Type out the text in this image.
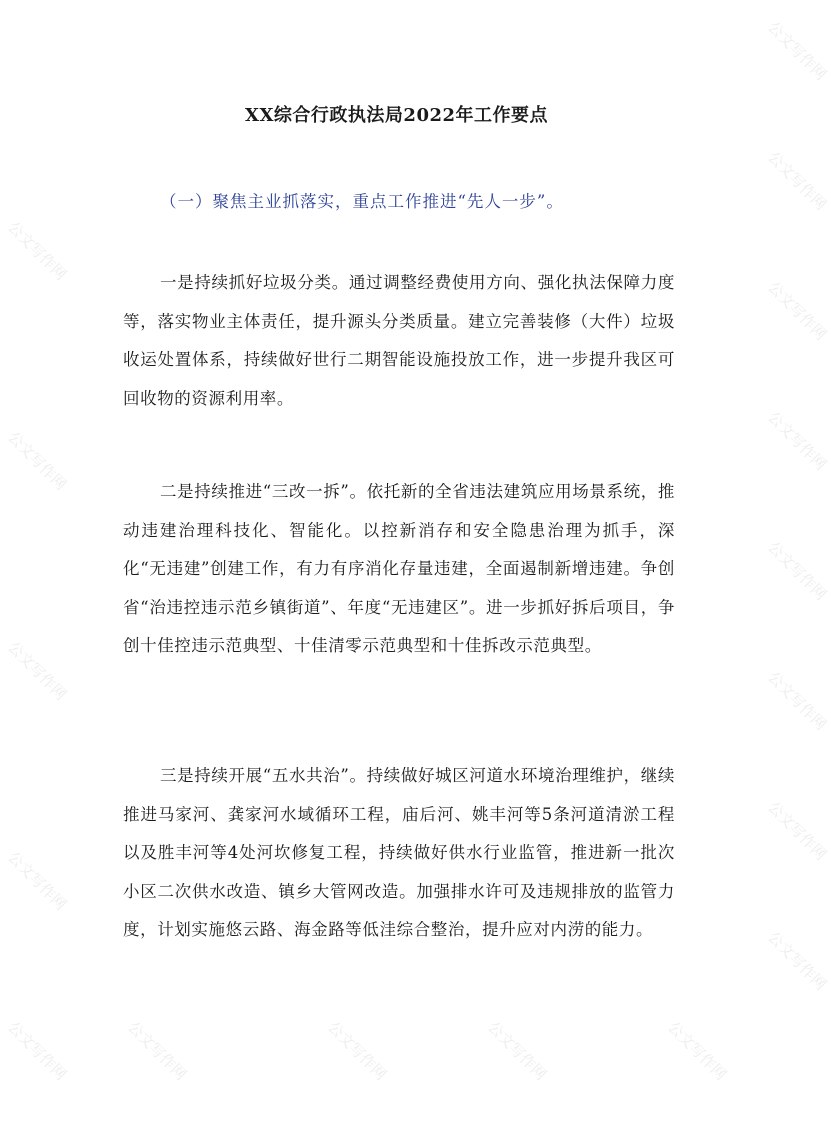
公文写作网
公文写作网
公文写作网
公文写作网
公文写作网
公文写作网
公文写作网
公文写作网
公文写作网
公文写作网
公文写作网
公文写作网
公文写作网	公文写作网	公文写作网	公文写作网	公文写作网
XX综合行政执法局2022年工作要点

（一）聚焦主业抓落实，重点工作推进“先人一步”。

一是持续抓好垃圾分类。通过调整经费使用方向、强化执法保障力度等，落实物业主体责任，提升源头分类质量。建立完善装修（大件）垃圾收运处置体系，持续做好世行二期智能设施投放工作，进一步提升我区可回收物的资源利用率。

二是持续推进“三改一拆”。依托新的全省违法建筑应用场景系统，推动违建治理科技化、智能化。以控新消存和安全隐患治理为抓手，深化“无违建”创建工作，有力有序消化存量违建，全面遏制新增违建。争创省“治违控违示范乡镇街道”、年度“无违建区”。进一步抓好拆后项目，争创十佳控违示范典型、十佳清零示范典型和十佳拆改示范典型。

三是持续开展“五水共治”。持续做好城区河道水环境治理维护，继续推进马家河、龚家河水域循环工程，庙后河、姚丰河等5条河道清淤工程以及胜丰河等4处河坎修复工程，持续做好供水行业监管，推进新一批次小区二次供水改造、镇乡大管网改造。加强排水许可及违规排放的监管力度，计划实施悠云路、海金路等低洼综合整治，提升应对内涝的能力。
